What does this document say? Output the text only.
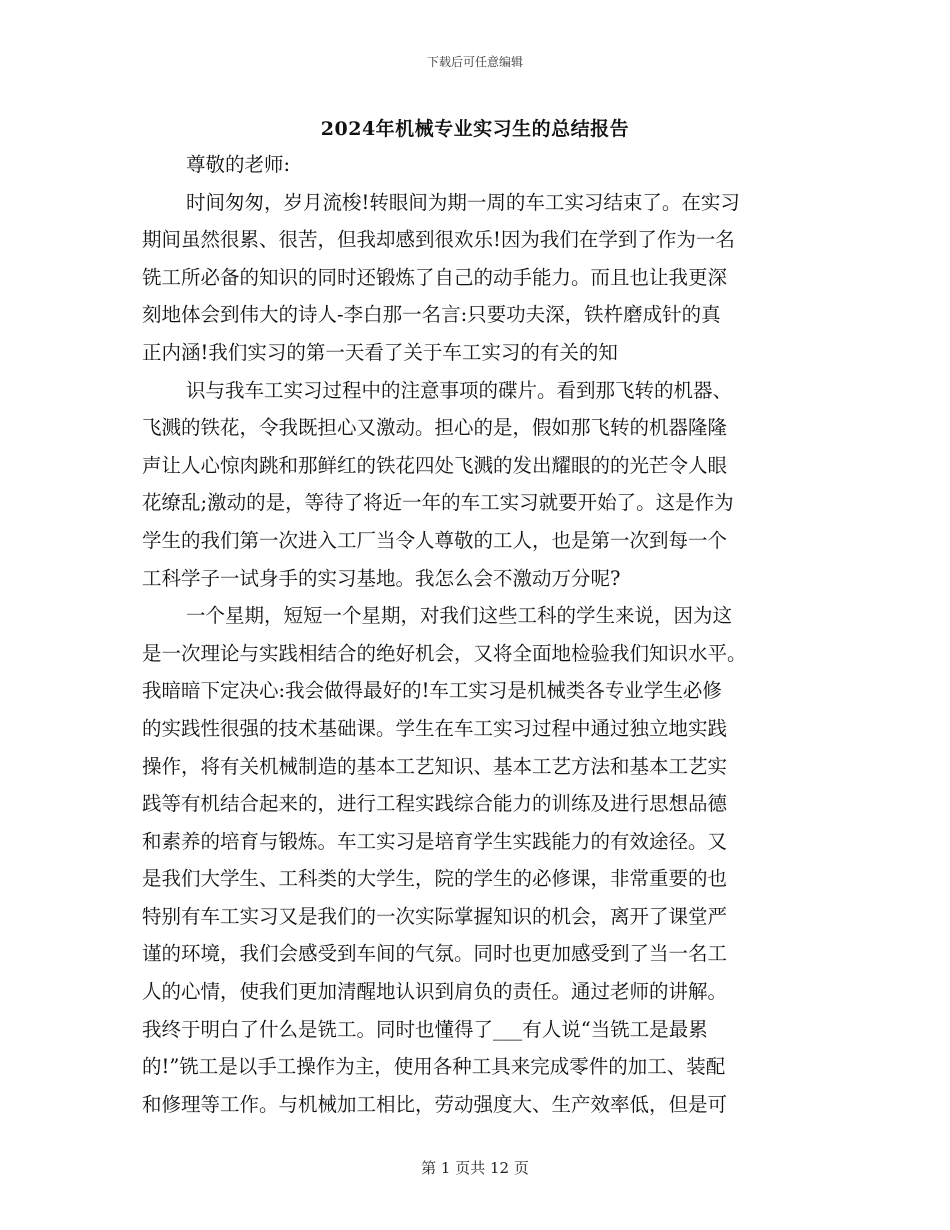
下载后可任意编辑
2024年机械专业实习生的总结报告
尊敬的老师:
时间匆匆，岁月流梭!转眼间为期一周的车工实习结束了。在实习
期间虽然很累、很苦，但我却感到很欢乐!因为我们在学到了作为一名
铣工所必备的知识的同时还锻炼了自己的动手能力。而且也让我更深
刻地体会到伟大的诗人-李白那一名言:只要功夫深，铁杵磨成针的真
正内涵!我们实习的第一天看了关于车工实习的有关的知
识与我车工实习过程中的注意事项的碟片。看到那飞转的机器、
飞溅的铁花，令我既担心又激动。担心的是，假如那飞转的机器隆隆
声让人心惊肉跳和那鲜红的铁花四处飞溅的发出耀眼的的光芒令人眼
花缭乱;激动的是，等待了将近一年的车工实习就要开始了。这是作为
学生的我们第一次进入工厂当令人尊敬的工人，也是第一次到每一个
工科学子一试身手的实习基地。我怎么会不激动万分呢?
一个星期，短短一个星期，对我们这些工科的学生来说，因为这
是一次理论与实践相结合的绝好机会，又将全面地检验我们知识水平。
我暗暗下定决心:我会做得最好的!车工实习是机械类各专业学生必修
的实践性很强的技术基础课。学生在车工实习过程中通过独立地实践
操作，将有关机械制造的基本工艺知识、基本工艺方法和基本工艺实
践等有机结合起来的，进行工程实践综合能力的训练及进行思想品德
和素养的培育与锻炼。车工实习是培育学生实践能力的有效途径。又
是我们大学生、工科类的大学生，院的学生的必修课，非常重要的也
特别有车工实习又是我们的一次实际掌握知识的机会，离开了课堂严
谨的环境，我们会感受到车间的气氛。同时也更加感受到了当一名工
人的心情，使我们更加清醒地认识到肩负的责任。通过老师的讲解。
我终于明白了什么是铣工。同时也懂得了___有人说“当铣工是最累
的!”铣工是以手工操作为主，使用各种工具来完成零件的加工、装配
和修理等工作。与机械加工相比，劳动强度大、生产效率低，但是可
第 1 页共 12 页
